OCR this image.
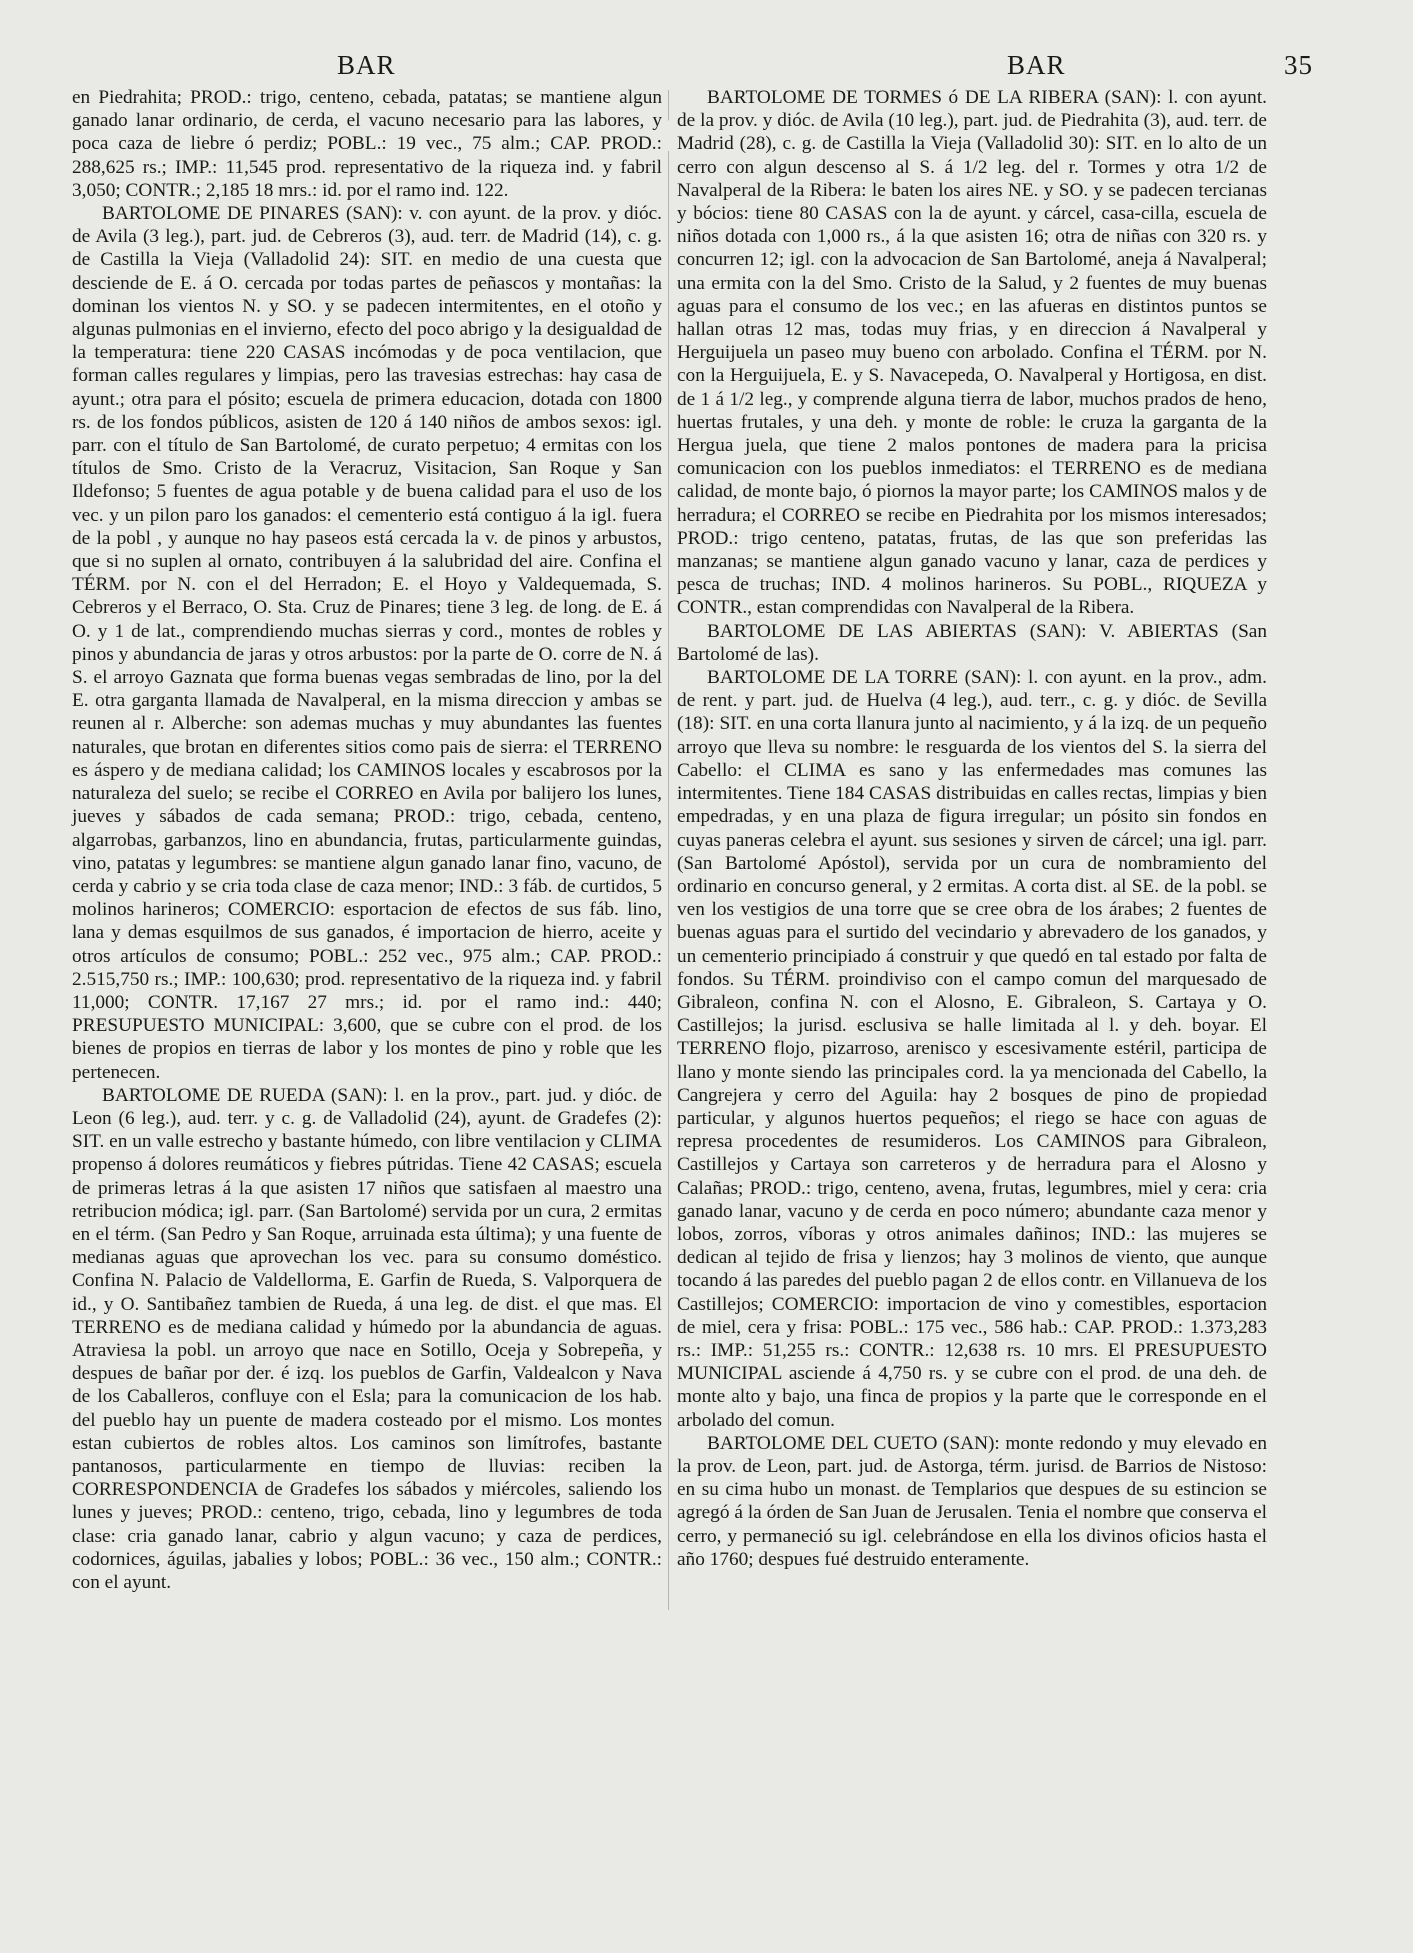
BAR	BAR	35

en Piedrahita; PROD.: trigo, centeno, cebada, patatas; se mantiene algun ganado lanar ordinario, de cerda, el vacuno necesario para las labores, y poca caza de liebre ó perdiz; POBL.: 19 vec., 75 alm.; CAP. PROD.: 288,625 rs.; IMP.: 11,545 prod. representativo de la riqueza ind. y fabril 3,050; CONTR.; 2,185 18 mrs.: id. por el ramo ind. 122.

BARTOLOME DE PINARES (SAN): v. con ayunt. de la prov. y dióc. de Avila (3 leg.), part. jud. de Cebreros (3), aud. terr. de Madrid (14), c. g. de Castilla la Vieja (Valladolid 24): SIT. en medio de una cuesta que desciende de E. á O. cercada por todas partes de peñascos y montañas: la dominan los vientos N. y SO. y se padecen intermitentes, en el otoño y algunas pulmonias en el invierno, efecto del poco abrigo y la desigualdad de la temperatura: tiene 220 CASAS incómodas y de poca ventilacion, que forman calles regulares y limpias, pero las travesias estrechas: hay casa de ayunt.; otra para el pósito; escuela de primera educacion, dotada con 1800 rs. de los fondos públicos, asisten de 120 á 140 niños de ambos sexos: igl. parr. con el título de San Bartolomé, de curato perpetuo; 4 ermitas con los títulos de Smo. Cristo de la Veracruz, Visitacion, San Roque y San Ildefonso; 5 fuentes de agua potable y de buena calidad para el uso de los vec. y un pilon paro los ganados: el cementerio está contiguo á la igl. fuera de la pobl , y aunque no hay paseos está cercada la v. de pinos y arbustos, que si no suplen al ornato, contribuyen á la salubridad del aire. Confina el TÉRM. por N. con el del Herradon; E. el Hoyo y Valdequemada, S. Cebreros y el Berraco, O. Sta. Cruz de Pinares; tiene 3 leg. de long. de E. á O. y 1 de lat., comprendiendo muchas sierras y cord., montes de robles y pinos y abundancia de jaras y otros arbustos: por la parte de O. corre de N. á S. el arroyo Gaznata que forma buenas vegas sembradas de lino, por la del E. otra garganta llamada de Navalperal, en la misma direccion y ambas se reunen al r. Alberche: son ademas muchas y muy abundantes las fuentes naturales, que brotan en diferentes sitios como pais de sierra: el TERRENO es áspero y de mediana calidad; los CAMINOS locales y escabrosos por la naturaleza del suelo; se recibe el CORREO en Avila por balijero los lunes, jueves y sábados de cada semana; PROD.: trigo, cebada, centeno, algarrobas, garbanzos, lino en abundancia, frutas, particularmente guindas, vino, patatas y legumbres: se mantiene algun ganado lanar fino, vacuno, de cerda y cabrio y se cria toda clase de caza menor; IND.: 3 fáb. de curtidos, 5 molinos harineros; COMERCIO: esportacion de efectos de sus fáb. lino, lana y demas esquilmos de sus ganados, é importacion de hierro, aceite y otros artículos de consumo; POBL.: 252 vec., 975 alm.; CAP. PROD.: 2.515,750 rs.; IMP.: 100,630; prod. representativo de la riqueza ind. y fabril 11,000; CONTR. 17,167 27 mrs.; id. por el ramo ind.: 440; PRESUPUESTO MUNICIPAL: 3,600, que se cubre con el prod. de los bienes de propios en tierras de labor y los montes de pino y roble que les pertenecen.

BARTOLOME DE RUEDA (SAN): l. en la prov., part. jud. y dióc. de Leon (6 leg.), aud. terr. y c. g. de Valladolid (24), ayunt. de Gradefes (2): SIT. en un valle estrecho y bastante húmedo, con libre ventilacion y CLIMA propenso á dolores reumáticos y fiebres pútridas. Tiene 42 CASAS; escuela de primeras letras á la que asisten 17 niños que satisfaen al maestro una retribucion módica; igl. parr. (San Bartolomé) servida por un cura, 2 ermitas en el térm. (San Pedro y San Roque, arruinada esta última); y una fuente de medianas aguas que aprovechan los vec. para su consumo doméstico. Confina N. Palacio de Valdellorma, E. Garfin de Rueda, S. Valporquera de id., y O. Santibañez tambien de Rueda, á una leg. de dist. el que mas. El TERRENO es de mediana calidad y húmedo por la abundancia de aguas. Atraviesa la pobl. un arroyo que nace en Sotillo, Oceja y Sobrepeña, y despues de bañar por der. é izq. los pueblos de Garfin, Valdealcon y Nava de los Caballeros, confluye con el Esla; para la comunicacion de los hab. del pueblo hay un puente de madera costeado por el mismo. Los montes estan cubiertos de robles altos. Los caminos son limítrofes, bastante pantanosos, particularmente en tiempo de lluvias: reciben la CORRESPONDENCIA de Gradefes los sábados y miércoles, saliendo los lunes y jueves; PROD.: centeno, trigo, cebada, lino y legumbres de toda clase: cria ganado lanar, cabrio y algun vacuno; y caza de perdices, codornices, águilas, jabalies y lobos; POBL.: 36 vec., 150 alm.; CONTR.: con el ayunt.

BARTOLOME DE TORMES ó DE LA RIBERA (SAN): l. con ayunt. de la prov. y dióc. de Avila (10 leg.), part. jud. de Piedrahita (3), aud. terr. de Madrid (28), c. g. de Castilla la Vieja (Valladolid 30): SIT. en lo alto de un cerro con algun descenso al S. á 1/2 leg. del r. Tormes y otra 1/2 de Navalperal de la Ribera: le baten los aires NE. y SO. y se padecen tercianas y bócios: tiene 80 CASAS con la de ayunt. y cárcel, casa-cilla, escuela de niños dotada con 1,000 rs., á la que asisten 16; otra de niñas con 320 rs. y concurren 12; igl. con la advocacion de San Bartolomé, aneja á Navalperal; una ermita con la del Smo. Cristo de la Salud, y 2 fuentes de muy buenas aguas para el consumo de los vec.; en las afueras en distintos puntos se hallan otras 12 mas, todas muy frias, y en direccion á Navalperal y Herguijuela un paseo muy bueno con arbolado. Confina el TÉRM. por N. con la Herguijuela, E. y S. Navacepeda, O. Navalperal y Hortigosa, en dist. de 1 á 1/2 leg., y comprende alguna tierra de labor, muchos prados de heno, huertas frutales, y una deh. y monte de roble: le cruza la garganta de la Hergua juela, que tiene 2 malos pontones de madera para la pricisa comunicacion con los pueblos inmediatos: el TERRENO es de mediana calidad, de monte bajo, ó piornos la mayor parte; los CAMINOS malos y de herradura; el CORREO se recibe en Piedrahita por los mismos interesados; PROD.: trigo centeno, patatas, frutas, de las que son preferidas las manzanas; se mantiene algun ganado vacuno y lanar, caza de perdices y pesca de truchas; IND. 4 molinos harineros. Su POBL., RIQUEZA y CONTR., estan comprendidas con Navalperal de la Ribera.

BARTOLOME DE LAS ABIERTAS (SAN): V. ABIERTAS (San Bartolomé de las).

BARTOLOME DE LA TORRE (SAN): l. con ayunt. en la prov., adm. de rent. y part. jud. de Huelva (4 leg.), aud. terr., c. g. y dióc. de Sevilla (18): SIT. en una corta llanura junto al nacimiento, y á la izq. de un pequeño arroyo que lleva su nombre: le resguarda de los vientos del S. la sierra del Cabello: el CLIMA es sano y las enfermedades mas comunes las intermitentes. Tiene 184 CASAS distribuidas en calles rectas, limpias y bien empedradas, y en una plaza de figura irregular; un pósito sin fondos en cuyas paneras celebra el ayunt. sus sesiones y sirven de cárcel; una igl. parr. (San Bartolomé Apóstol), servida por un cura de nombramiento del ordinario en concurso general, y 2 ermitas. A corta dist. al SE. de la pobl. se ven los vestigios de una torre que se cree obra de los árabes; 2 fuentes de buenas aguas para el surtido del vecindario y abrevadero de los ganados, y un cementerio principiado á construir y que quedó en tal estado por falta de fondos. Su TÉRM. proindiviso con el campo comun del marquesado de Gibraleon, confina N. con el Alosno, E. Gibraleon, S. Cartaya y O. Castillejos; la jurisd. esclusiva se halle limitada al l. y deh. boyar. El TERRENO flojo, pizarroso, arenisco y escesivamente estéril, participa de llano y monte siendo las principales cord. la ya mencionada del Cabello, la Cangrejera y cerro del Aguila: hay 2 bosques de pino de propiedad particular, y algunos huertos pequeños; el riego se hace con aguas de represa procedentes de resumideros. Los CAMINOS para Gibraleon, Castillejos y Cartaya son carreteros y de herradura para el Alosno y Calañas; PROD.: trigo, centeno, avena, frutas, legumbres, miel y cera: cria ganado lanar, vacuno y de cerda en poco número; abundante caza menor y lobos, zorros, víboras y otros animales dañinos; IND.: las mujeres se dedican al tejido de frisa y lienzos; hay 3 molinos de viento, que aunque tocando á las paredes del pueblo pagan 2 de ellos contr. en Villanueva de los Castillejos; COMERCIO: importacion de vino y comestibles, esportacion de miel, cera y frisa: POBL.: 175 vec., 586 hab.: CAP. PROD.: 1.373,283 rs.: IMP.: 51,255 rs.: CONTR.: 12,638 rs. 10 mrs. El PRESUPUESTO MUNICIPAL asciende á 4,750 rs. y se cubre con el prod. de una deh. de monte alto y bajo, una finca de propios y la parte que le corresponde en el arbolado del comun.

BARTOLOME DEL CUETO (SAN): monte redondo y muy elevado en la prov. de Leon, part. jud. de Astorga, térm. jurisd. de Barrios de Nistoso: en su cima hubo un monast. de Templarios que despues de su estincion se agregó á la órden de San Juan de Jerusalen. Tenia el nombre que conserva el cerro, y permaneció su igl. celebrándose en ella los divinos oficios hasta el año 1760; despues fué destruido enteramente.
